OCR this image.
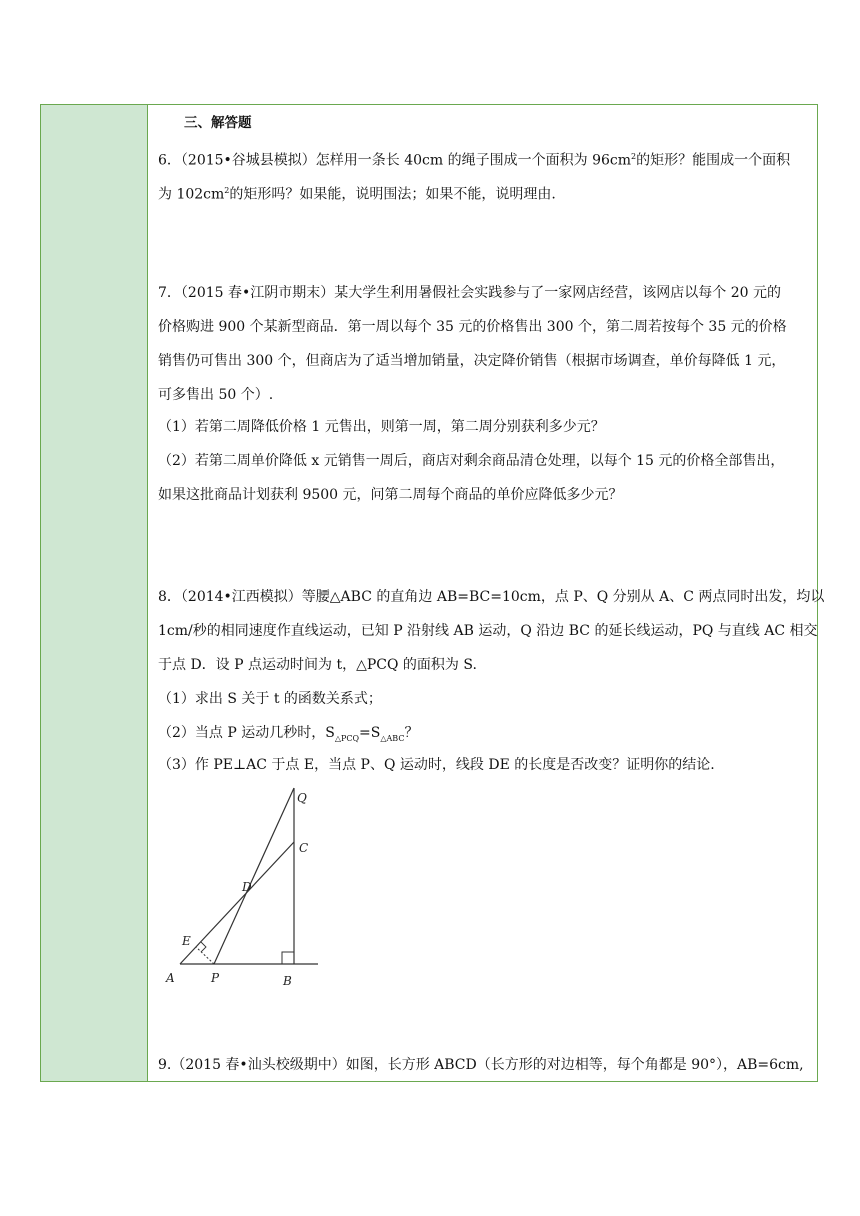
三、解答题
6．（2015•谷城县模拟）怎样用一条长 40cm 的绳子围成一个面积为 $96cm^2$的矩形？能围成一个面积
为 $102cm^2$的矩形吗？如果能，说明围法；如果不能，说明理由.
7．（2015 春•江阴市期末）某大学生利用暑假社会实践参与了一家网店经营，该网店以每个 20 元的
价格购进 900 个某新型商品．第一周以每个 35 元的价格售出 300 个，第二周若按每个 35 元的价格
销售仍可售出 300 个，但商店为了适当增加销量，决定降价销售（根据市场调查，单价每降低 1 元，
可多售出 50 个）.
（1）若第二周降低价格 1 元售出，则第一周，第二周分别获利多少元？
（2）若第二周单价降低 x 元销售一周后，商店对剩余商品清仓处理，以每个 15 元的价格全部售出，
如果这批商品计划获利 9500 元，问第二周每个商品的单价应降低多少元？
8．（2014•江西模拟）等腰△ABC 的直角边 AB=BC=10cm，点 P、Q 分别从 A、C 两点同时出发，均以
1cm/秒的相同速度作直线运动，已知 P 沿射线 AB 运动，Q 沿边 BC 的延长线运动，PQ 与直线 AC 相交
于点 D．设 P 点运动时间为 t，△PCQ 的面积为 S.
（1）求出 S 关于 t 的函数关系式；
（2）当点 P 运动几秒时，$S_{\triangle PCQ}=S_{\triangle ABC}$？
（3）作 PE⊥AC 于点 E，当点 P、Q 运动时，线段 DE 的长度是否改变？证明你的结论.
Q
C
D
E
A	P	B
9.（2015 春•汕头校级期中）如图，长方形 ABCD（长方形的对边相等，每个角都是 90°），AB=6cm,
